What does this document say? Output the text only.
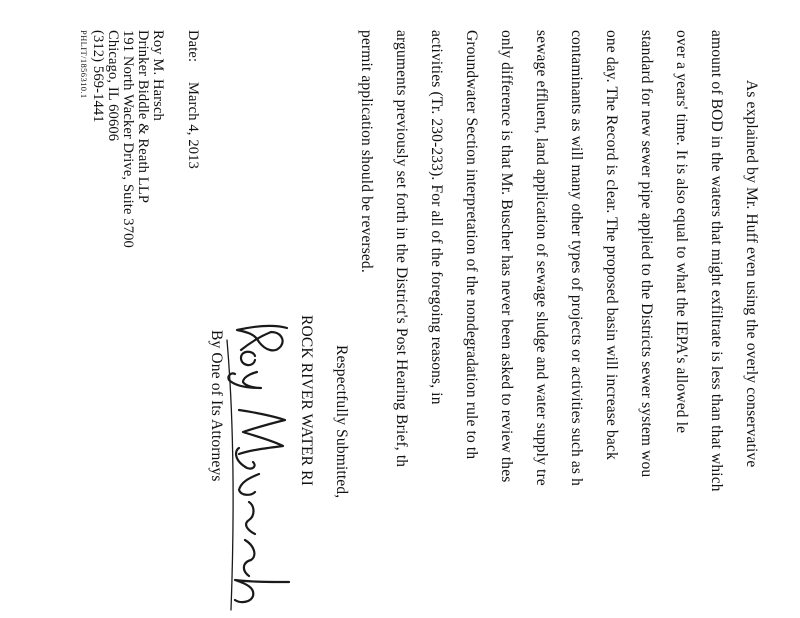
As explained by Mr. Huff even using the overly conservative
amount of BOD in the waters that might exfiltrate is less than that which
over a years' time. It is also equal to what the IEPA's allowed le
standard for new sewer pipe applied to the Districts sewer system wou
one day. The Record is clear. The proposed basin will increase back
contaminants as will many other types of projects or activities such as h
sewage effluent, land application of sewage sludge and water supply tre
only difference is that Mr. Buscher has never been asked to review thes
Groundwater Section interpretation of the nondegradation rule to th
activities (Tr. 230-233). For all of the foregoing reasons, in
arguments previously set forth in the District's Post Hearing Brief, th
permit application should be reversed.
Respectfully Submitted,
ROCK RIVER WATER RI
By One of Its Attorneys
Date:
March 4, 2013
Roy M. Harsch
Drinker Biddle & Reath LLP
191 North Wacker Drive, Suite 3700
Chicago, IL 60606
(312) 569-1441
PHLIT/1856310.1
